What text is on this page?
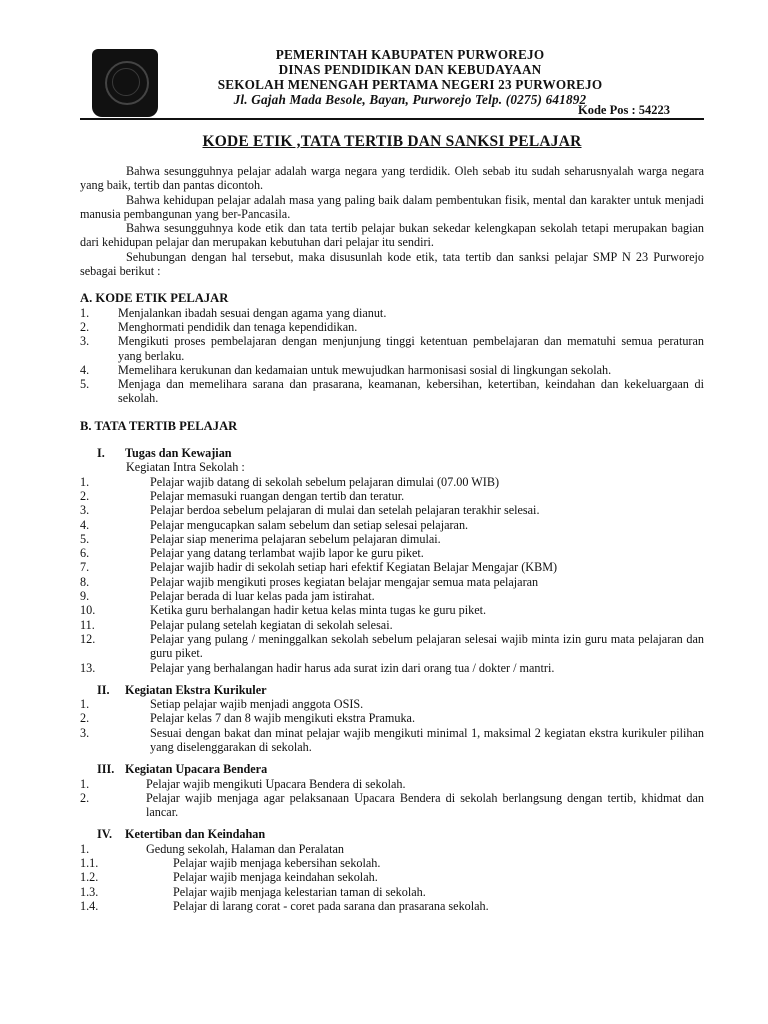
PEMERINTAH KABUPATEN PURWOREJO
DINAS PENDIDIKAN DAN KEBUDAYAAN
SEKOLAH MENENGAH PERTAMA NEGERI 23 PURWOREJO
Jl. Gajah Mada Besole, Bayan, Purworejo Telp. (0275) 641892
Kode Pos : 54223
KODE ETIK ,TATA TERTIB DAN SANKSI PELAJAR

Bahwa sesungguhnya pelajar adalah warga negara yang terdidik. Oleh sebab itu sudah seharusnyalah warga negara yang baik, tertib dan pantas dicontoh.

Bahwa kehidupan pelajar adalah masa yang paling baik dalam pembentukan fisik, mental dan karakter untuk menjadi manusia pembangunan yang ber-Pancasila.

Bahwa sesungguhnya kode etik dan tata tertib pelajar bukan sekedar kelengkapan sekolah tetapi merupakan bagian dari kehidupan pelajar dan merupakan kebutuhan dari pelajar itu sendiri.

Sehubungan dengan hal tersebut, maka disusunlah kode etik, tata tertib dan sanksi pelajar SMP N 23 Purworejo sebagai berikut :

A. KODE ETIK PELAJAR

1. Menjalankan ibadah sesuai dengan agama yang dianut.
2. Menghormati pendidik dan tenaga kependidikan.
3. Mengikuti proses pembelajaran dengan menjunjung tinggi ketentuan pembelajaran dan mematuhi semua peraturan yang berlaku.
4. Memelihara kerukunan dan kedamaian untuk mewujudkan harmonisasi sosial di lingkungan sekolah.
5. Menjaga dan memelihara sarana dan prasarana, keamanan, kebersihan, ketertiban, keindahan dan kekeluargaan di sekolah.

B. TATA TERTIB PELAJAR

I. Tugas dan Kewajian

Kegiatan Intra Sekolah :

1.	Pelajar wajib datang di sekolah sebelum pelajaran dimulai (07.00 WIB)
2.	Pelajar memasuki ruangan dengan tertib dan teratur.
3.	Pelajar berdoa sebelum pelajaran di mulai dan setelah pelajaran terakhir selesai.
4.	Pelajar mengucapkan salam sebelum dan setiap selesai pelajaran.
5.	Pelajar siap menerima pelajaran sebelum pelajaran dimulai.
6.	Pelajar yang datang terlambat wajib lapor ke guru piket.
7.	Pelajar wajib hadir di sekolah setiap hari efektif Kegiatan Belajar Mengajar (KBM)
8.	Pelajar wajib mengikuti proses kegiatan belajar mengajar semua mata pelajaran
9.	Pelajar berada di luar kelas pada jam istirahat.
10.	Ketika guru berhalangan hadir ketua kelas minta tugas ke guru piket.
11.	Pelajar pulang setelah kegiatan di sekolah selesai.
12.	Pelajar yang pulang / meninggalkan sekolah sebelum pelajaran selesai wajib minta izin guru mata pelajaran dan guru piket.
13.	Pelajar yang berhalangan hadir harus ada surat izin dari orang tua / dokter / mantri.

II. Kegiatan Ekstra Kurikuler

1.	Setiap pelajar wajib menjadi anggota OSIS.
2.	Pelajar kelas 7 dan 8 wajib mengikuti ekstra Pramuka.
3.	Sesuai dengan bakat dan minat pelajar wajib mengikuti minimal 1, maksimal 2 kegiatan ekstra kurikuler pilihan yang diselenggarakan di sekolah.

III. Kegiatan Upacara Bendera

1.	Pelajar wajib mengikuti Upacara Bendera di sekolah.
2.	Pelajar wajib menjaga agar pelaksanaan Upacara Bendera di sekolah berlangsung dengan tertib, khidmat dan lancar.

IV. Ketertiban dan Keindahan

1.	Gedung sekolah, Halaman dan Peralatan
1.1.	Pelajar wajib menjaga kebersihan sekolah.
1.2.	Pelajar wajib menjaga keindahan sekolah.
1.3.	Pelajar wajib menjaga kelestarian taman di sekolah.
1.4.	Pelajar di larang corat - coret pada sarana dan prasarana sekolah.
